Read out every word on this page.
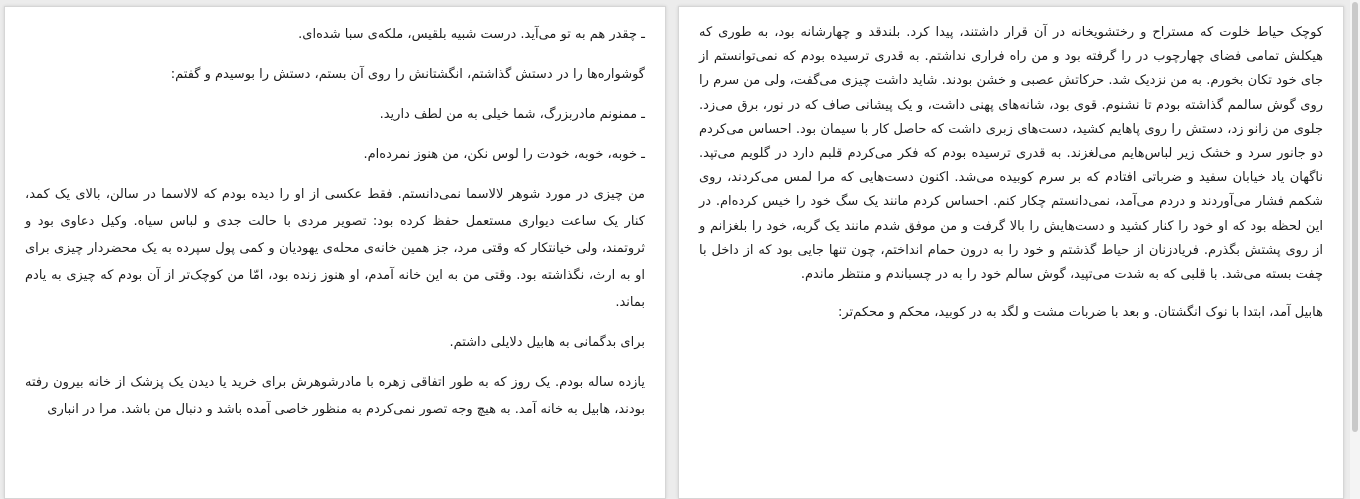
ـ چقدر هم به تو می‌آید. درست شبیه بلقیس، ملکه‌ی سبا شده‌ای.

گوشواره‌ها را در دستش گذاشتم، انگشتانش را روی آن بستم، دستش را بوسیدم و گفتم:

ـ ممنونم مادربزرگ، شما خیلی به من لطف دارید.

ـ خوبه، خوبه، خودت را لوس نکن، من هنوز نمرده‌ام.

من چیزی در مورد شوهر لالاسما نمی‌دانستم. فقط عکسی از او را دیده بودم که لالاسما در سالن، بالای یک کمد، کنار یک ساعت دیواری مستعمل حفظ کرده بود: تصویر مردی با حالت جدی و لباس سیاه. وکیل دعاوی بود و ثروتمند، ولی خیانتکار که وقتی مرد، جز همین خانه‌ی محله‌ی یهودیان و کمی پول سپرده به یک محضردار چیزی برای او به ارث، نگذاشته بود. وقتی من به این خانه آمدم، او هنوز زنده بود، امّا من کوچک‌تر از آن بودم که چیزی به یادم بماند.

برای بدگمانی به هابیل دلایلی داشتم.

یازده ساله بودم. یک روز که به طور اتفاقی زهره با مادرشوهرش برای خرید یا دیدن یک پزشک از خانه بیرون رفته بودند، هابیل به خانه آمد. به هیچ وجه تصور نمی‌کردم به منظور خاصی آمده باشد و دنبال من باشد. مرا در انباری

کوچک حیاط خلوت که مستراح و رختشویخانه در آن قرار داشتند، پیدا کرد. بلندقد و چهارشانه بود، به طوری که هیکلش تمامی فضای چهارچوب در را گرفته بود و من راه فراری نداشتم. به قدری ترسیده بودم که نمی‌توانستم از جای خود تکان بخورم. به من نزدیک شد. حرکاتش عصبی و خشن بودند. شاید داشت چیزی می‌گفت، ولی من سرم را روی گوش سالمم گذاشته بودم تا نشنوم. قوی بود، شانه‌های پهنی داشت، و یک پیشانی صاف که در نور، برق می‌زد. جلوی من زانو زد، دستش را روی پاهایم کشید، دست‌های زبری داشت که حاصل کار با سیمان بود. احساس می‌کردم دو جانور سرد و خشک زیر لباس‌هایم می‌لغزند. به قدری ترسیده بودم که فکر می‌کردم قلبم دارد در گلویم می‌تپد. ناگهان یاد خیابان سفید و ضرباتی افتادم که بر سرم کوبیده می‌شد. اکنون دست‌هایی که مرا لمس می‌کردند، روی شکمم فشار می‌آوردند و دردم می‌آمد، نمی‌دانستم چکار کنم. احساس کردم مانند یک سگ خود را خیس کرده‌ام. در این لحظه بود که او خود را کنار کشید و دست‌هایش را بالا گرفت و من موفق شدم مانند یک گربه، خود را بلغزانم و از روی پشتش بگذرم. فریادزنان از حیاط گذشتم و خود را به درون حمام انداختم، چون تنها جایی بود که از داخل با چفت بسته می‌شد. با قلبی که به شدت می‌تپید، گوش سالم خود را به در چسباندم و منتظر ماندم.

هابیل آمد، ابتدا با نوک انگشتان. و بعد با ضربات مشت و لگد به در کوبید، محکم و محکم‌تر:
